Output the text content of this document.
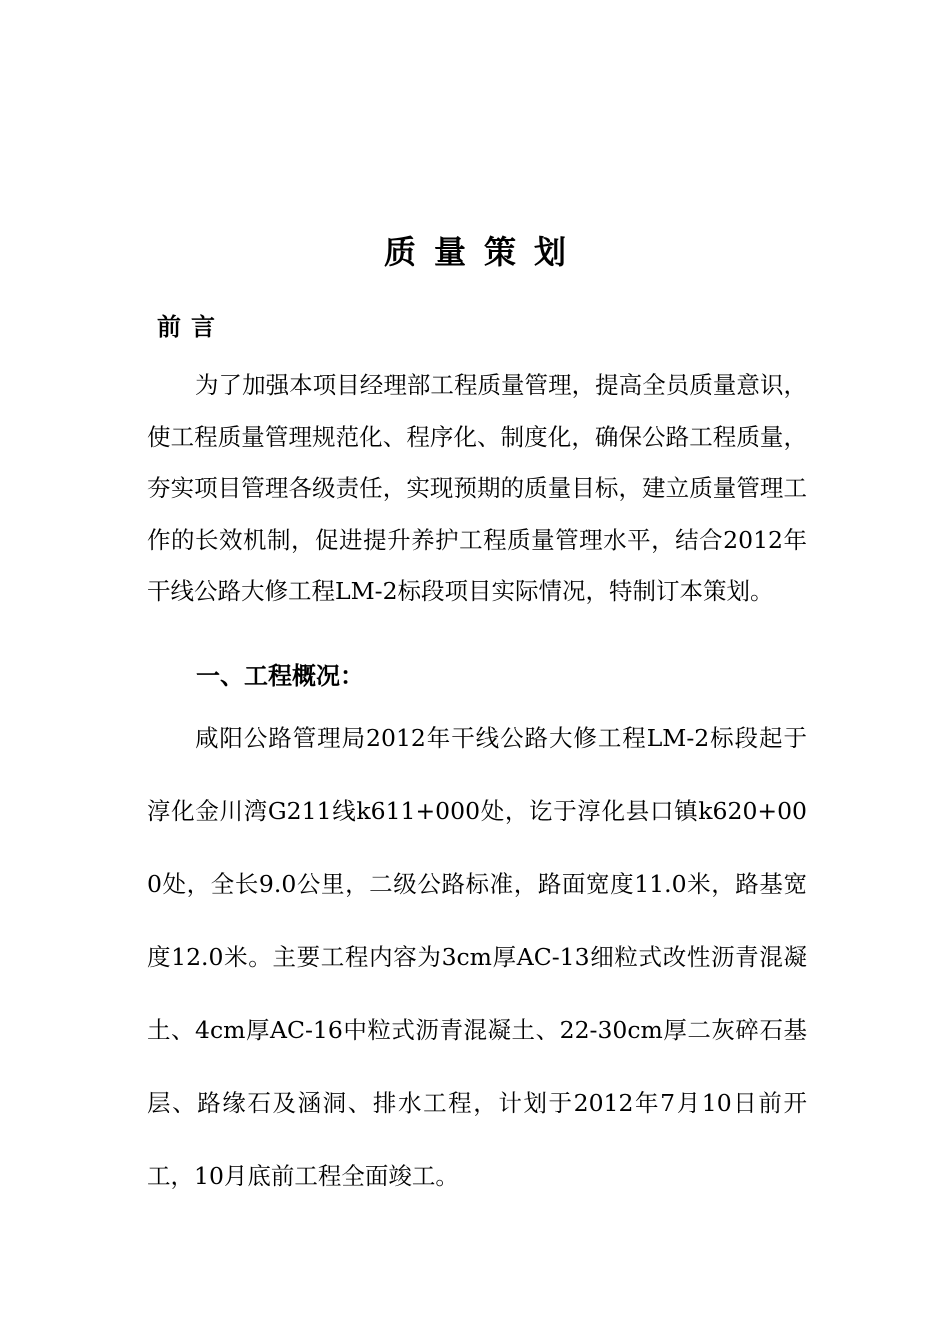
质量策划
前言

为了加强本项目经理部工程质量管理，提高全员质量意识，使工程质量管理规范化、程序化、制度化，确保公路工程质量，夯实项目管理各级责任，实现预期的质量目标，建立质量管理工作的长效机制，促进提升养护工程质量管理水平，结合2012年干线公路大修工程LM-2标段项目实际情况，特制订本策划。

一、工程概况：

咸阳公路管理局2012年干线公路大修工程LM-2标段起于淳化金川湾G211线k611+000处，讫于淳化县口镇k620+000处，全长9.0公里，二级公路标准，路面宽度11.0米，路基宽度12.0米。主要工程内容为3cm厚AC-13细粒式改性沥青混凝土、4cm厚AC-16中粒式沥青混凝土、22-30cm厚二灰碎石基层、路缘石及涵洞、排水工程，计划于2012年7月10日前开工，10月底前工程全面竣工。
